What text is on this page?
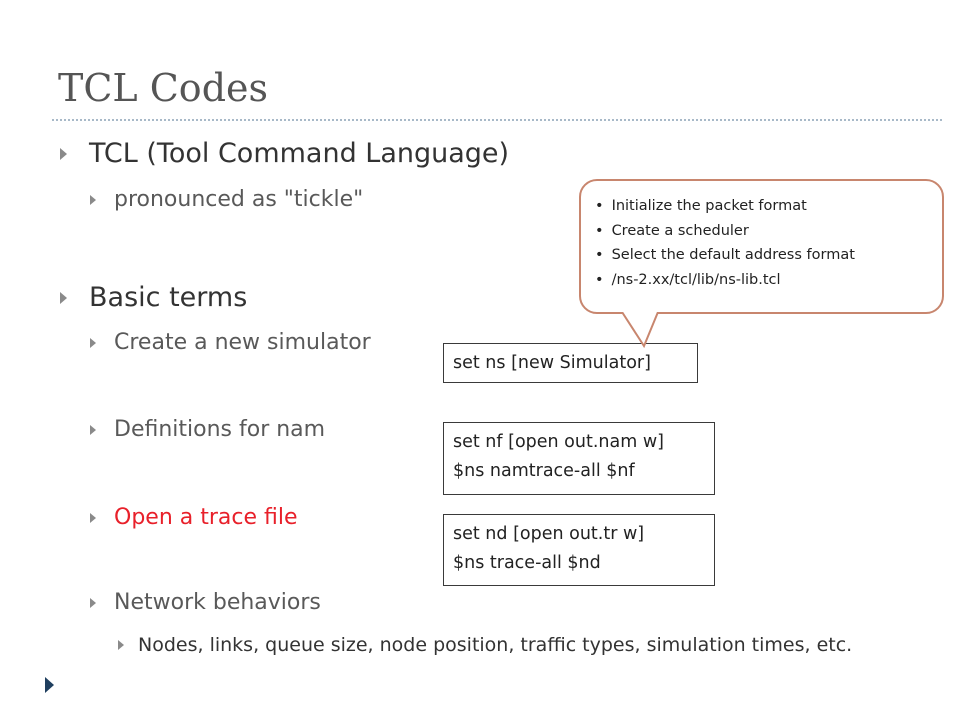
TCL Codes
TCL (Tool Command Language)
pronounced as "tickle"
Basic terms
Create a new simulator
Definitions for nam
Open a trace file
Network behaviors
Nodes, links, queue size, node position, traffic types, simulation times, etc.
set ns [new Simulator]
set nf [open out.nam w]
$ns namtrace-all $nf
set nd [open out.tr w]
$ns trace-all $nd
• Initialize the packet format
• Create a scheduler
• Select the default address format
• /ns-2.xx/tcl/lib/ns-lib.tcl
